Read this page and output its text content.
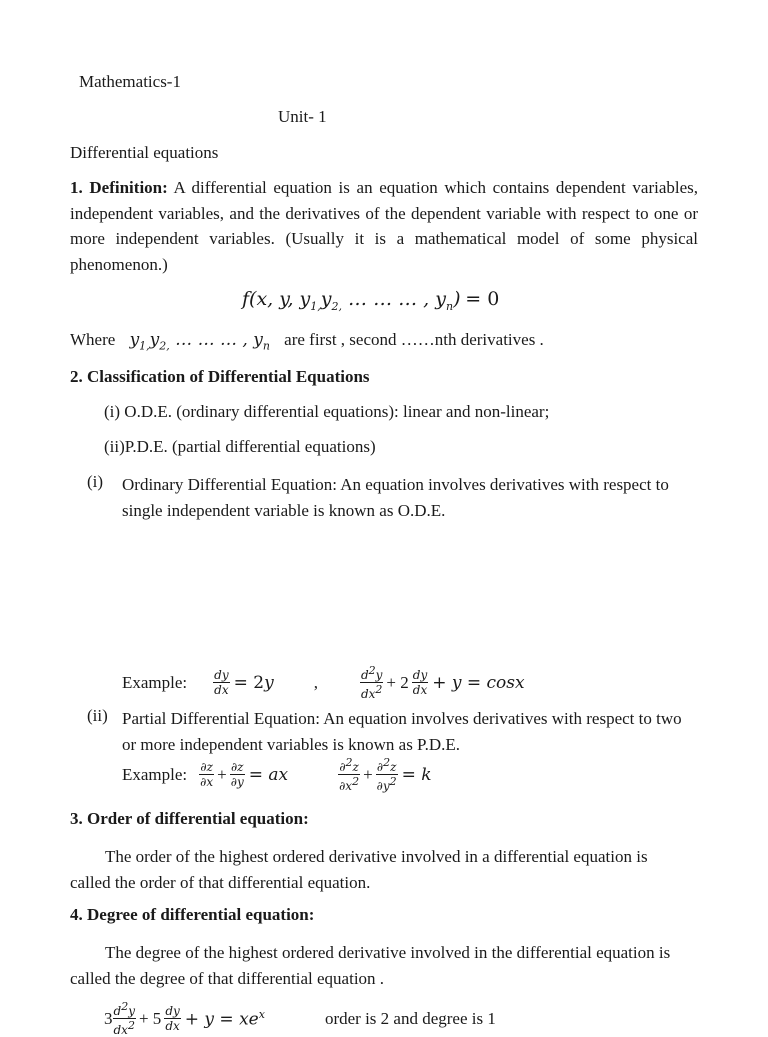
Mathematics-1
Unit- 1
Differential equations
1. Definition: A differential equation is an equation which contains dependent variables, independent variables, and the derivatives of the dependent variable with respect to one or more independent variables. (Usually it is a mathematical model of some physical phenomenon.)
f(x, y, $y_{1,}y_{2,}$ … … … , $y_n) = 0$
Where $y_{1,}y_{2,}$ … … … , $y_n$ are first , second ……nth derivatives .
2. Classification of Differential Equations
(i) O.D.E. (ordinary differential equations): linear and non-linear;
(ii)P.D.E. (partial differential equations)
(i) Ordinary Differential Equation: An equation involves derivatives with respect to single independent variable is known as O.D.E.
Example: $\frac{dy}{dx} = 2y$ ,	$\frac{d^2y}{dx^2} + 2 \frac{dy}{dx} + y = \cos x$
(ii) Partial Differential Equation: An equation involves derivatives with respect to two or more independent variables is known as P.D.E.
Example: $\frac{\partial z}{\partial x} + \frac{\partial z}{\partial y}$ = ax	$\frac{\partial^2z}{\partial x^2} + \frac{\partial^2z}{\partial y^2} = k$
3. Order of differential equation:
The order of the highest ordered derivative involved in a differential equation is called the order of that differential equation.
4. Degree of differential equation:
The degree of the highest ordered derivative involved in the differential equation is called the degree of that differential equation .
$3 \frac{d^2y}{dx^2} + 5 \frac{dy}{dx} + y = xe^x$	order is 2 and degree is 1
